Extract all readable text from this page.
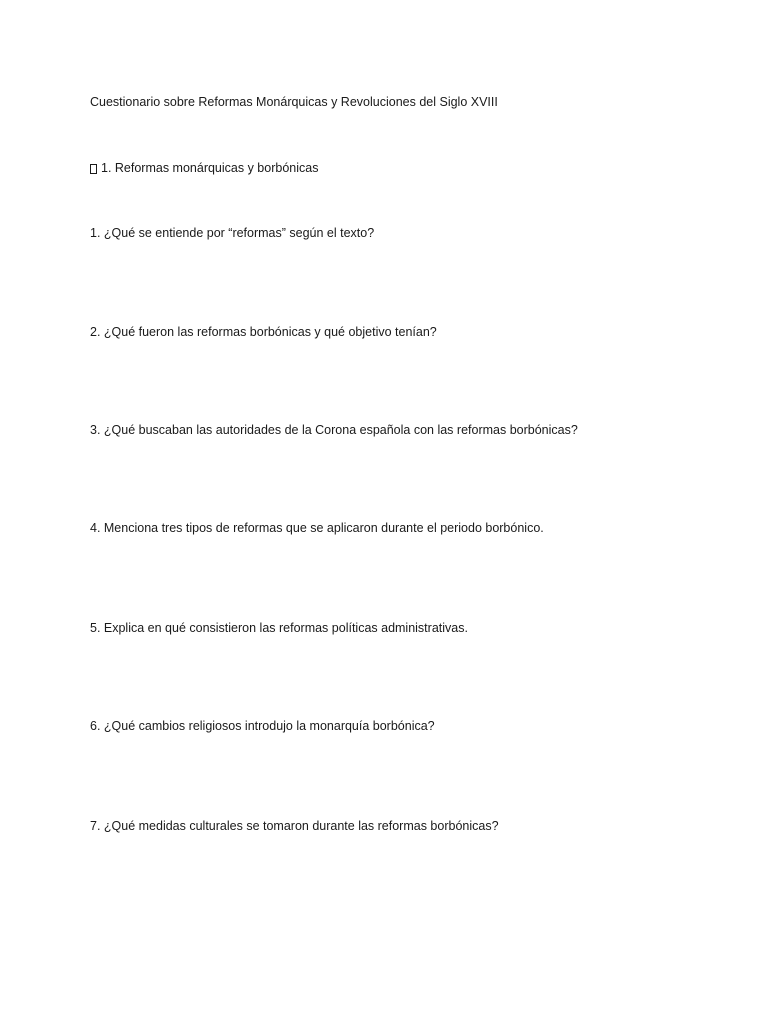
Cuestionario sobre Reformas Monárquicas y Revoluciones del Siglo XVIII
1. Reformas monárquicas y borbónicas
1. ¿Qué se entiende por “reformas” según el texto?
2. ¿Qué fueron las reformas borbónicas y qué objetivo tenían?
3. ¿Qué buscaban las autoridades de la Corona española con las reformas borbónicas?
4. Menciona tres tipos de reformas que se aplicaron durante el periodo borbónico.
5. Explica en qué consistieron las reformas políticas administrativas.
6. ¿Qué cambios religiosos introdujo la monarquía borbónica?
7. ¿Qué medidas culturales se tomaron durante las reformas borbónicas?
